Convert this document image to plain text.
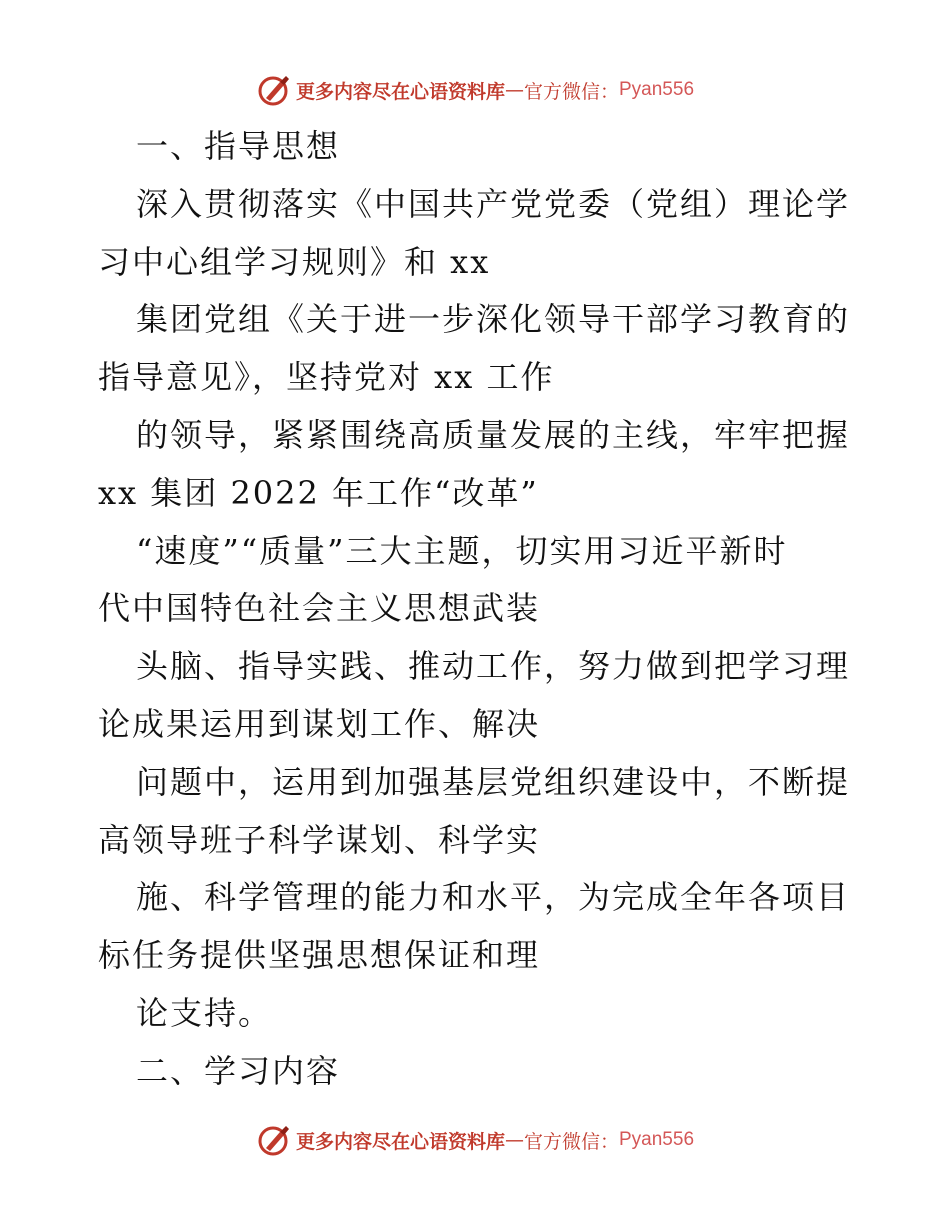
更多内容尽在心语资料库 — 官方微信： Pyan556
一、指导思想
深入贯彻落实《中国共产党党委（党组）理论学
习中心组学习规则》和 xx
集团党组《关于进一步深化领导干部学习教育的
指导意见》，坚持党对 xx 工作
的领导，紧紧围绕高质量发展的主线，牢牢把握
xx 集团 2022 年工作“改革”
“速度”“质量”三大主题，切实用习近平新时
代中国特色社会主义思想武装
头脑、指导实践、推动工作，努力做到把学习理
论成果运用到谋划工作、解决
问题中，运用到加强基层党组织建设中，不断提
高领导班子科学谋划、科学实
施、科学管理的能力和水平，为完成全年各项目
标任务提供坚强思想保证和理
论支持。
二、学习内容
更多内容尽在心语资料库 — 官方微信： Pyan556
